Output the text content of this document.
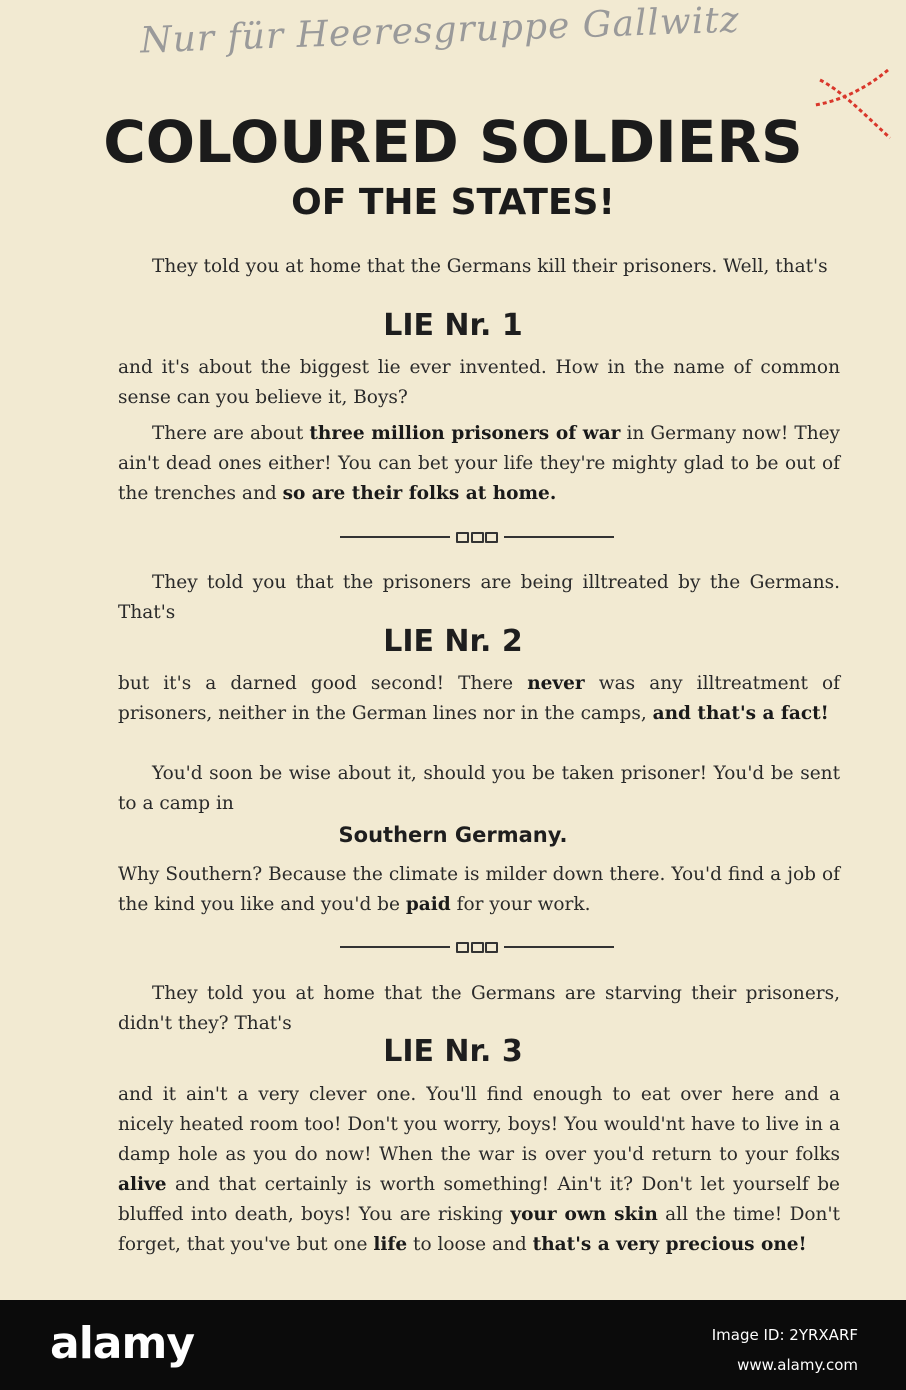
Nur für Heeresgruppe Gallwitz
COLOURED SOLDIERS
OF THE STATES!
They told you at home that the Germans kill their prisoners. Well, that's
LIE Nr. 1
and it's about the biggest lie ever invented. How in the name of common sense can you believe it, Boys?
There are about three million prisoners of war in Germany now! They ain't dead ones either! You can bet your life they're mighty glad to be out of the trenches and so are their folks at home.
They told you that the prisoners are being illtreated by the Germans. That's
LIE Nr. 2
but it's a darned good second! There never was any illtreatment of prisoners, neither in the German lines nor in the camps, and that's a fact!
You'd soon be wise about it, should you be taken prisoner! You'd be sent to a camp in
Southern Germany.
Why Southern? Because the climate is milder down there. You'd find a job of the kind you like and you'd be paid for your work.
They told you at home that the Germans are starving their prisoners, didn't they? That's
LIE Nr. 3
and it ain't a very clever one. You'll find enough to eat over here and a nicely heated room too! Don't you worry, boys! You would'nt have to live in a damp hole as you do now! When the war is over you'd return to your folks alive and that certainly is worth something! Ain't it? Don't let yourself be bluffed into death, boys! You are risking your own skin all the time! Don't forget, that you've but one life to loose and that's a very precious one!
alamy	Image ID: 2YRXARF
www.alamy.com
